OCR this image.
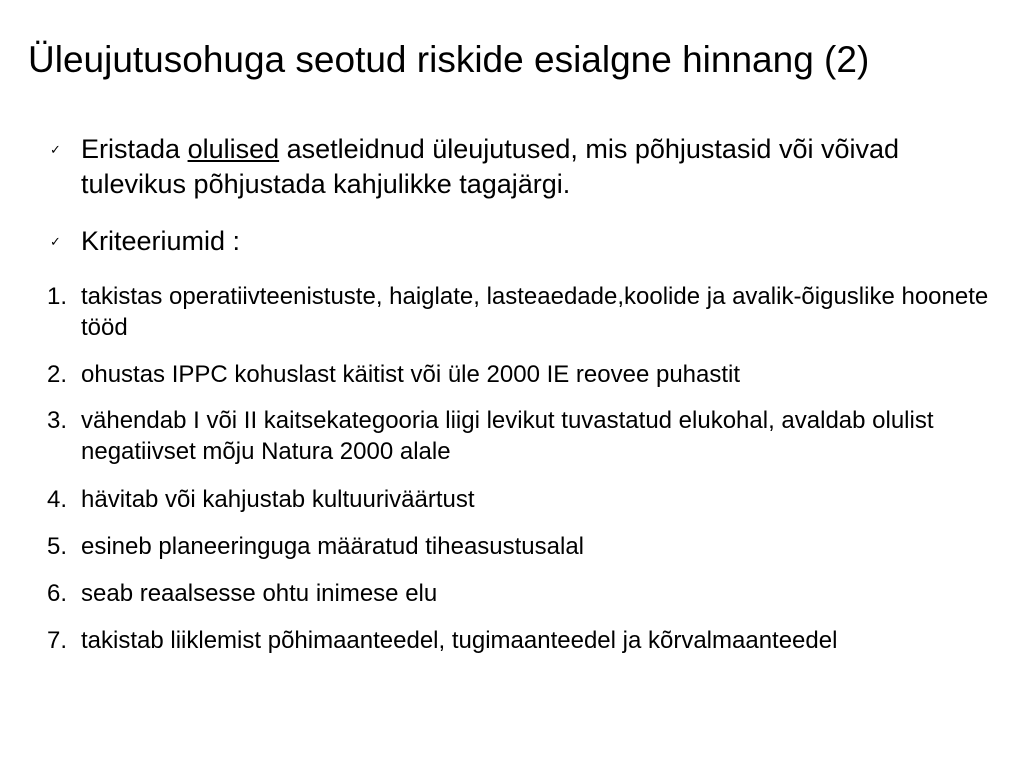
Üleujutusohuga seotud riskide esialgne hinnang (2)
✓ Eristada olulised asetleidnud üleujutused, mis põhjustasid või võivad tulevikus põhjustada kahjulikke tagajärgi.
✓ Kriteeriumid :
1. takistas operatiivteenistuste, haiglate, lasteaedade,koolide ja avalik-õiguslike hoonete tööd
2. ohustas IPPC kohuslast käitist või üle 2000 IE reovee puhastit
3. vähendab I või II kaitsekategooria liigi levikut tuvastatud elukohal, avaldab olulist negatiivset mõju Natura 2000 alale
4. hävitab või kahjustab kultuuriväärtust
5. esineb planeeringuga määratud tiheasustusalal
6. seab reaalsesse ohtu inimese elu
7. takistab liiklemist põhimaanteedel, tugimaanteedel ja kõrvalmaanteedel
